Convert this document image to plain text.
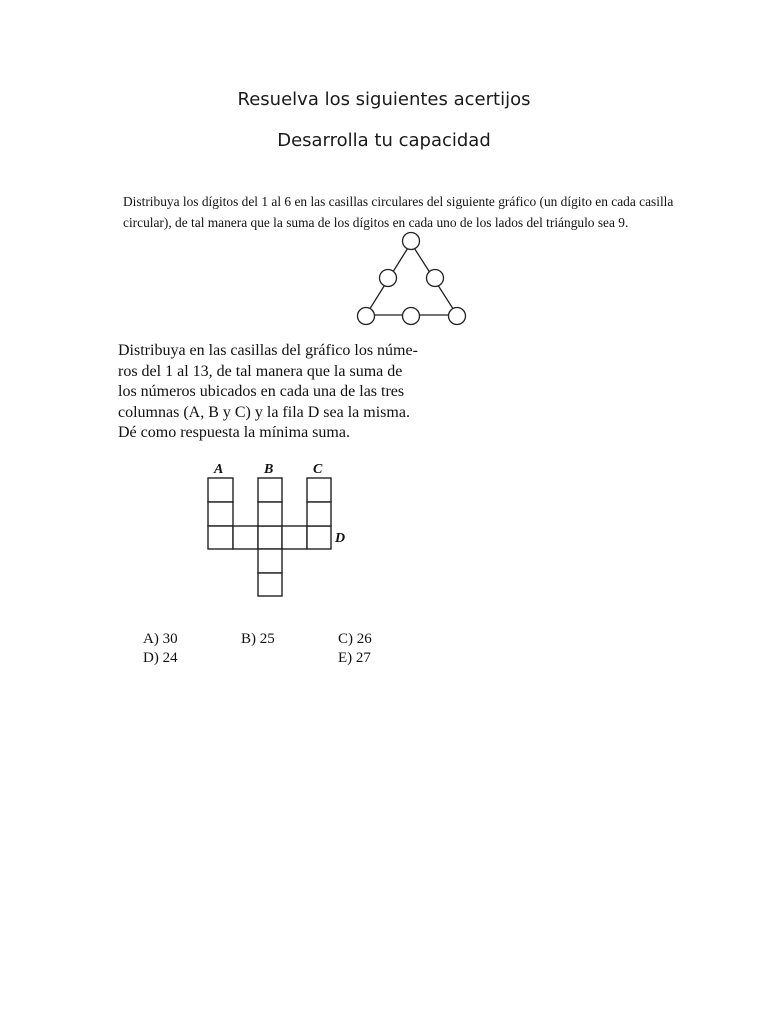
Resuelva los siguientes acertijos
Desarrolla tu capacidad
Distribuya los dígitos del 1 al 6 en las casillas circulares del siguiente gráfico (un dígito en cada casilla
circular), de tal manera que la suma de los dígitos en cada uno de los lados del triángulo sea 9.
A	B	C
D
Distribuya en las casillas del gráfico los núme-
ros del 1 al 13, de tal manera que la suma de
los números ubicados en cada una de las tres
columnas (A, B y C) y la fila D sea la misma.
Dé como respuesta la mínima suma.
A) 30	B) 25	C) 26
D) 24	E) 27
